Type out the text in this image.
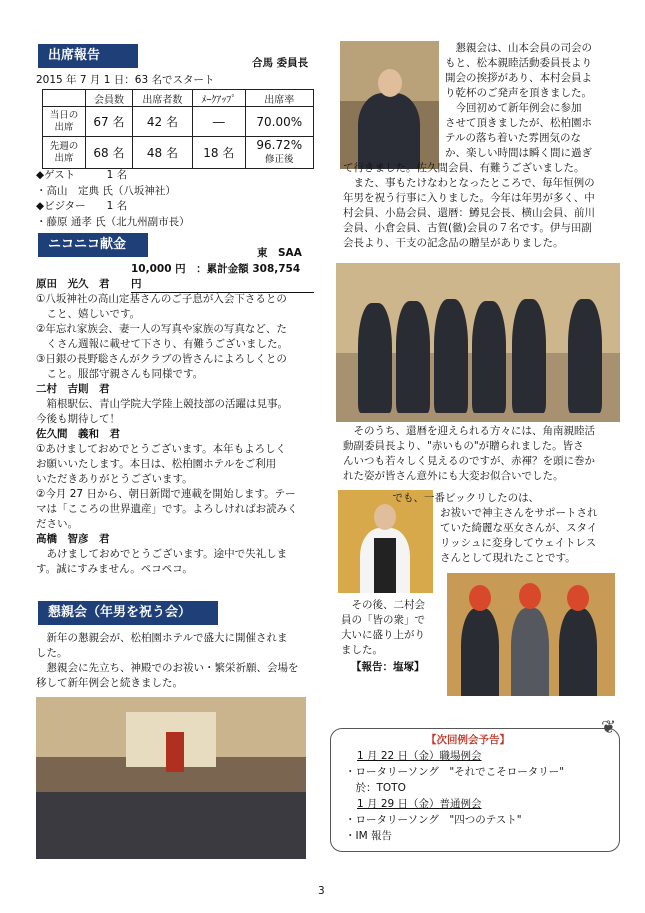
出席報告	合馬 委員長
2015 年 7 月 1 日：63 名でスタート
	会員数	出席者数	ﾒｰｸｱｯﾌﾟ	出席率
当日の
出席	67 名	42 名	―	70.00%
先週の
出席	68 名	48 名	18 名	96.72%
修正後
◆ゲスト　　　1 名
・高山　定典 氏（八坂神社）
◆ビジター　　1 名
・藤原 通孝 氏（北九州副市長）
ニコニコ献金
東　SAA
10,000 円　：累計金額 308,754 円
原田　光久　君
①八坂神社の高山定基さんのご子息が入会下さるとの
　こと、嬉しいです。
②年忘れ家族会、妻一人の写真や家族の写真など、た
　くさん週報に載せて下さり、有難うございました。
③日銀の長野聡さんがクラブの皆さんによろしくとの
　こと。服部守親さんも同様です。
二村　吉則　君
　箱根駅伝、青山学院大学陸上競技部の活躍は見事。
今後も期待して！
佐久間　義和　君
①あけましておめでとうございます。本年もよろしく
お願いいたします。本日は、松柏園ホテルをご利用
いただきありがとうございます。
②今月 27 日から、朝日新聞で連載を開始します。テー
マは「こころの世界遺産」です。よろしければお読みく
ださい。
高橋　智彦　君
　あけましておめでとうございます。途中で失礼しま
す。誠にすみません。ペコペコ。
懇親会（年男を祝う会）
　新年の懇親会が、松柏園ホテルで盛大に開催されま
した。
　懇親会に先立ち、神殿でのお祓い・繁栄祈願、会場を
移して新年例会と続きました。
　懇親会は、山本会員の司会の
もと、松本親睦活動委員長より
開会の挨拶があり、本村会員よ
り乾杯のご発声を頂きました。
　今回初めて新年例会に参加
させて頂きましたが、松柏園ホ
テルの落ち着いた雰囲気のな
か、楽しい時間は瞬く間に過ぎ
て行きました。佐久間会員、有難うございました。
　また、事もたけなわとなったところで、毎年恒例の
年男を祝う行事に入りました。今年は年男が多く、中
村会員、小島会員、還暦：鱒見会長、横山会員、前川
会員、小倉会員、古賀(徹)会員の７名です。伊与田副
会長より、干支の記念品の贈呈がありました。
　そのうち、還暦を迎えられる方々には、角南親睦活
動副委員長より、"赤いもの"が贈られました。皆さ
んいつも若々しく見えるのですが、赤褌？を頭に巻か
れた姿が皆さん意外にも大変お似合いでした。
　　　　　でも、一番ビックリしたのは、
お祓いで神主さんをサポートされ
ていた綺麗な巫女さんが、スタイ
リッシュに変身してウェイトレス
さんとして現れたことです。
　その後、二村会
員の「皆の衆」で
大いに盛り上がり
ました。
【報告：塩塚】
❦
【次回例会予告】
1 月 22 日（金）職場例会
・ロータリーソング　"それでこそロータリー"
　於：TOTO
1 月 29 日（金）普通例会
・ロータリーソング　"四つのテスト"
・IM 報告
3
